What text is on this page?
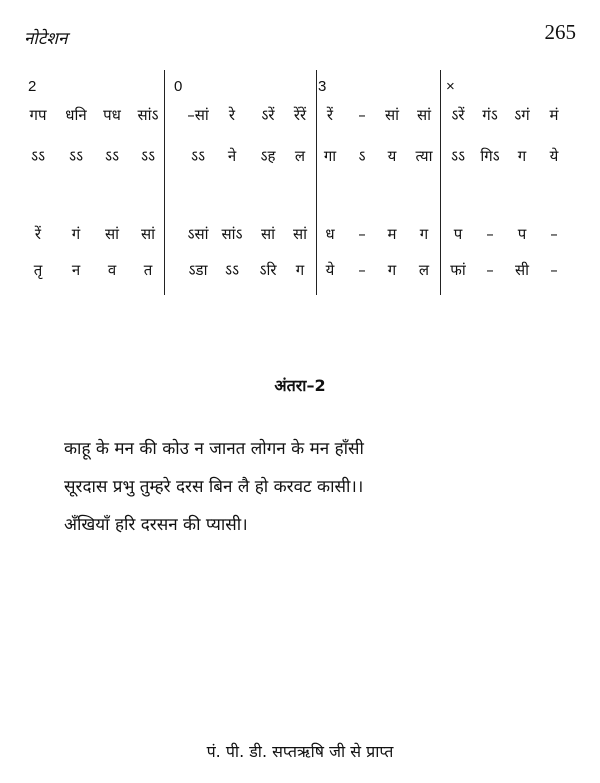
नोटेशन	265
2	0	3	×
गप धनि पध सांऽ –सां रे ऽरें रेंरें रें – सां सां ऽरें गंऽ ऽगं मं
ऽऽ ऽऽ ऽऽ ऽऽ ऽऽ ने ऽह ल गा ऽ य त्या ऽऽ गिऽ ग ये
रें गं सां सां ऽसां सांऽ सां सां ध – म ग प – प –
तृ न व त ऽडा ऽऽ ऽरि ग ये – ग ल फां – सी –
अंतरा–2
काहू के मन की कोउ न जानत लोगन के मन हाँसी
सूरदास प्रभु तुम्हरे दरस बिन लै हो करवट कासी।।
अँखियाँ हरि दरसन की प्यासी।
पं. पी. डी. सप्तऋषि जी से प्राप्त
